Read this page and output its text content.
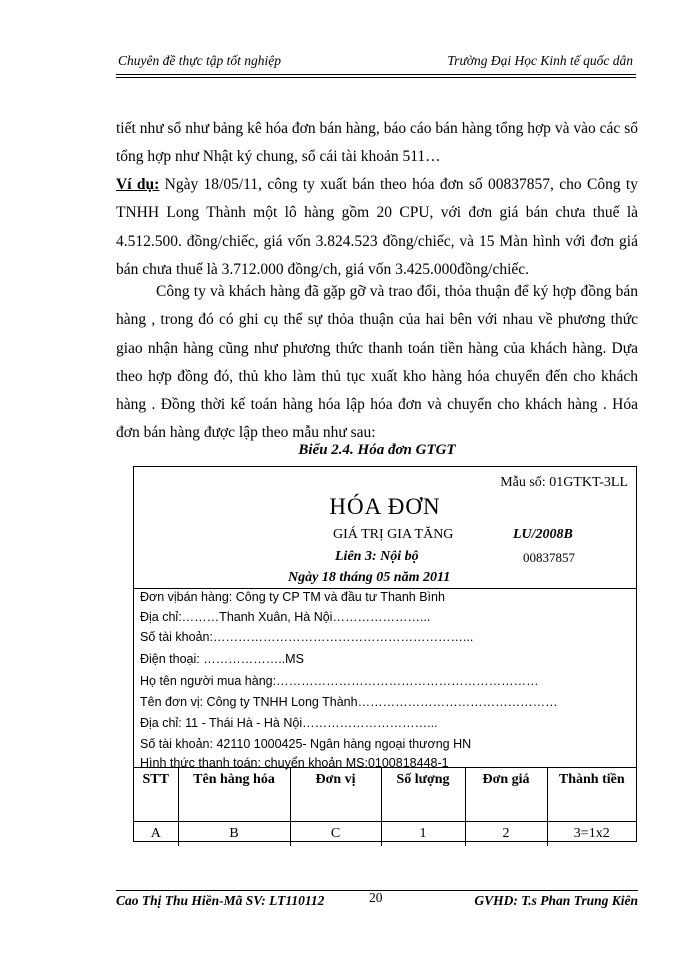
Chuyên đề thực tập tốt nghiệp	Trường Đại Học Kinh tế quốc dân
tiết như sổ như bảng kê hóa đơn bán hàng, báo cáo bán hàng tổng hợp và vào các sổ tổng hợp như Nhật ký chung, sổ cái tài khoản 511…
Ví dụ: Ngày 18/05/11, công ty xuất bán theo hóa đơn số 00837857, cho Công ty TNHH Long Thành một lô hàng gồm 20 CPU, với đơn giá bán chưa thuế là 4.512.500. đồng/chiếc, giá vốn 3.824.523 đồng/chiếc, và 15 Màn hình với đơn giá bán chưa thuế là 3.712.000 đồng/ch, giá vốn 3.425.000đồng/chiếc.
Công ty và khách hàng đã gặp gỡ và trao đổi, thỏa thuận để ký hợp đồng bán hàng , trong đó có ghi cụ thể sự thỏa thuận của hai bên với nhau về phương thức giao nhận hàng cũng như phương thức thanh toán tiền hàng của khách hàng. Dựa theo hợp đồng đó, thủ kho làm thủ tục xuất kho hàng hóa chuyển đến cho khách hàng . Đồng thời kế toán hàng hóa lập hóa đơn và chuyển cho khách hàng . Hóa đơn bán hàng được lập theo mẫu như sau:
Biểu 2.4. Hóa đơn GTGT
Mẫu số: 01GTKT-3LL
HÓA ĐƠN
GIÁ TRỊ GIA TĂNG	LU/2008B
Liên 3: Nội bộ	00837857
Ngày 18 tháng 05 năm 2011
Đơn vịbán hàng: Công ty CP TM và đầu tư Thanh Bình
Địa chỉ:………Thanh Xuân, Hà Nội…………………...
Số tài khoản:……………………………………………………...
Điện thoại: ………………..MS
Họ tên người mua hàng:………………………………………………………
Tên đơn vị: Công ty TNHH Long Thành…………………………………………
Địa chỉ: 11 - Thái Hà - Hà Nội…………………………...
Số tài khoản: 42110 1000425- Ngân hàng ngoại thương HN
Hình thức thanh toán: chuyển khoản MS:0100818448-1
STT	Tên hàng hóa	Đơn vị	Số lượng	Đơn giá	Thành tiền
A	B	C	1	2	3=1x2
Cao Thị Thu Hiền-Mã SV: LT110112	20	GVHD: T.s Phan Trung Kiên
